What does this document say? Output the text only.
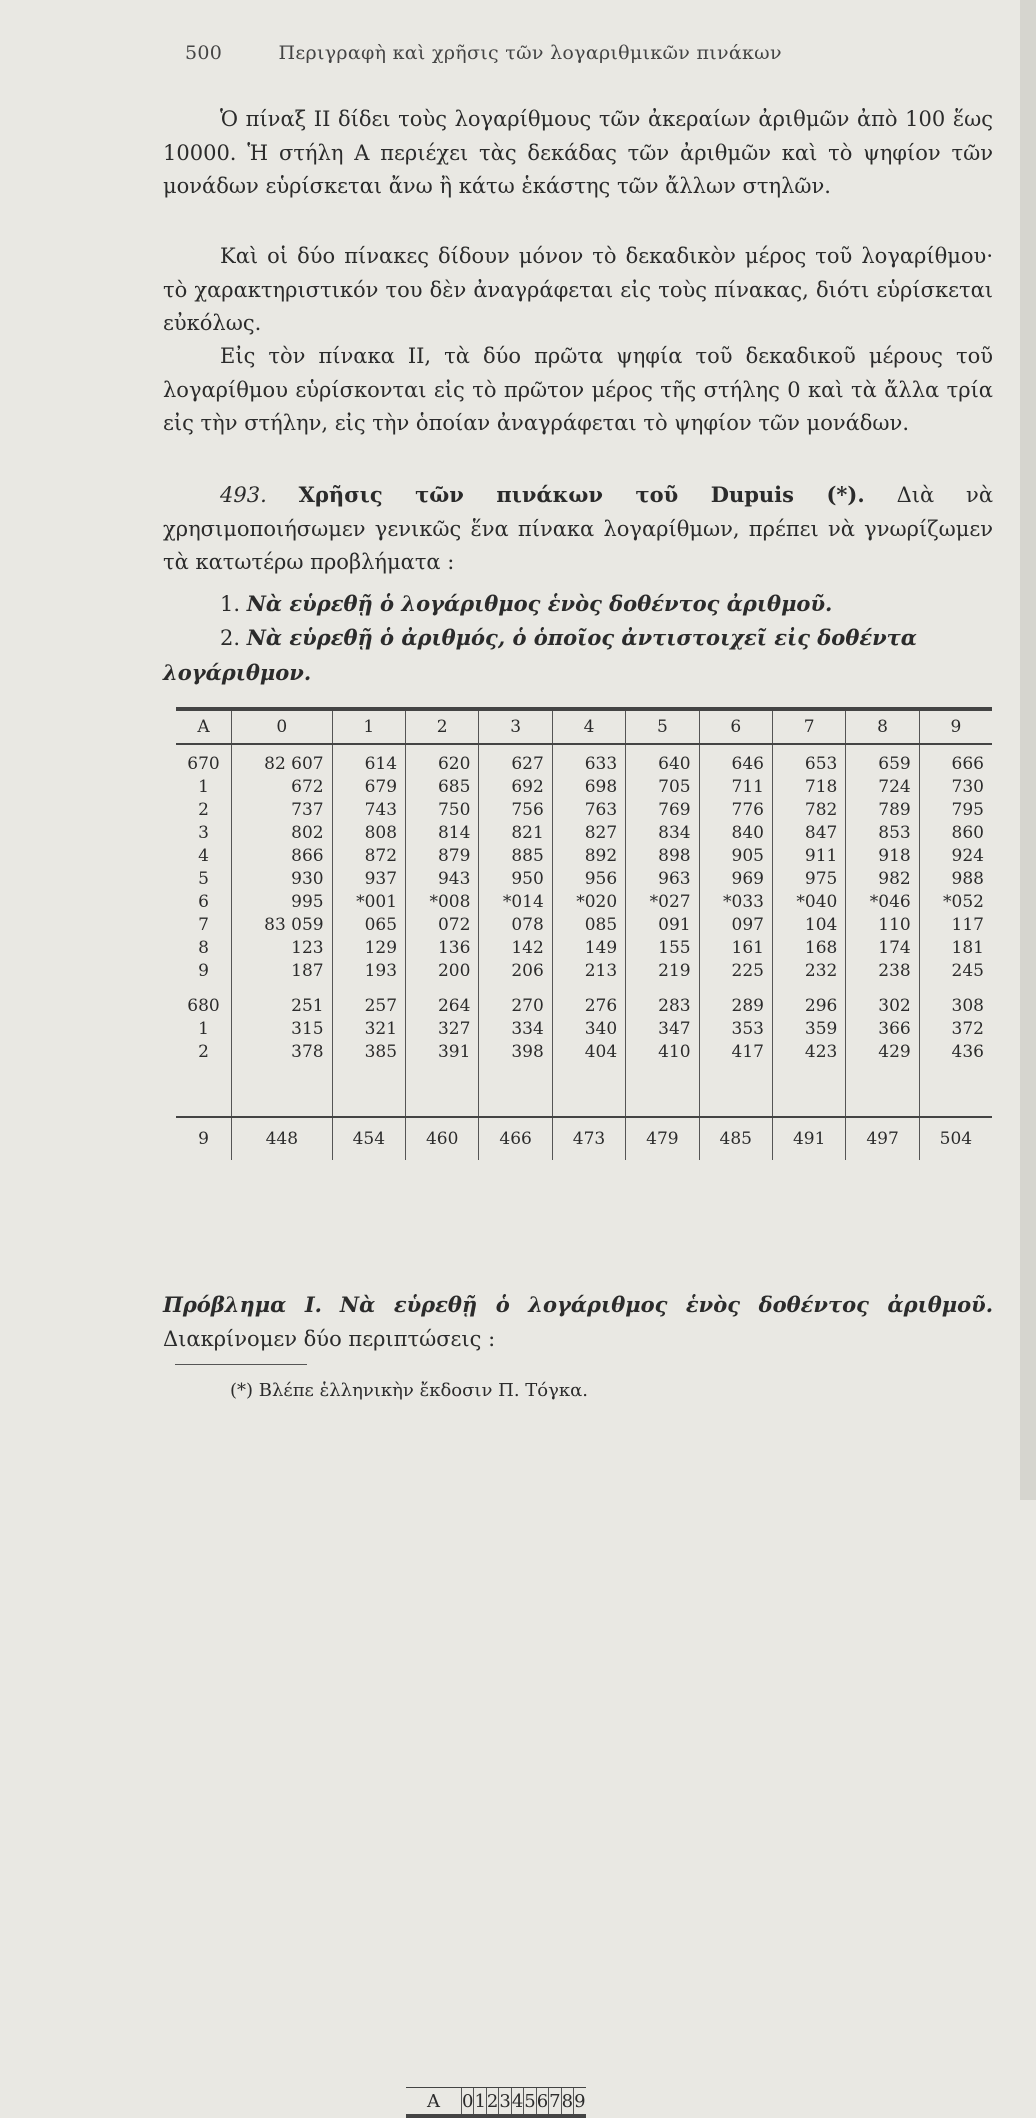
500	Περιγραφὴ καὶ χρῆσις τῶν λογαριθμικῶν πινάκων
Ὁ πίναξ ΙΙ δίδει τοὺς λογαρίθμους τῶν ἀκεραίων ἀριθμῶν ἀπὸ 100 ἕως 10000. Ἡ στήλη Α περιέχει τὰς δεκάδας τῶν ἀριθμῶν καὶ τὸ ψηφίον τῶν μονάδων εὑρίσκεται ἄνω ἢ κάτω ἑκάστης τῶν ἄλλων στηλῶν.
Καὶ οἱ δύο πίνακες δίδουν μόνον τὸ δεκαδικὸν μέρος τοῦ λογαρίθμου· τὸ χαρακτηριστικόν του δὲν ἀναγράφεται εἰς τοὺς πίνακας, διότι εὑρίσκεται εὐκόλως.
Εἰς τὸν πίνακα ΙΙ, τὰ δύο πρῶτα ψηφία τοῦ δεκαδικοῦ μέρους τοῦ λογαρίθμου εὑρίσκονται εἰς τὸ πρῶτον μέρος τῆς στήλης 0 καὶ τὰ ἄλλα τρία εἰς τὴν στήλην, εἰς τὴν ὁποίαν ἀναγράφεται τὸ ψηφίον τῶν μονάδων.
493. Χρῆσις τῶν πινάκων τοῦ Dupuis (*). Διὰ νὰ χρησιμοποιήσωμεν γενικῶς ἕνα πίνακα λογαρίθμων, πρέπει νὰ γνωρίζωμεν τὰ κατωτέρω προβλήματα :
1. Νὰ εὑρεθῇ ὁ λογάριθμος ἑνὸς δοθέντος ἀριθμοῦ.
2. Νὰ εὑρεθῇ ὁ ἀριθμός, ὁ ὁποῖος ἀντιστοιχεῖ εἰς δοθέντα λογάριθμον.
Α	0	1	2	3	4	5	6	7	8	9
670	82 607	614	620	627	633	640	646	653	659	666
1	672	679	685	692	698	705	711	718	724	730
2	737	743	750	756	763	769	776	782	789	795
3	802	808	814	821	827	834	840	847	853	860
4	866	872	879	885	892	898	905	911	918	924
5	930	937	943	950	956	963	969	975	982	988
6	995	*001	*008	*014	*020	*027	*033	*040	*046	*052
7	83 059	065	072	078	085	091	097	104	110	117
8	123	129	136	142	149	155	161	168	174	181
9	187	193	200	206	213	219	225	232	238	245

680	251	257	264	270	276	283	289	296	302	308
1	315	321	327	334	340	347	353	359	366	372
2	378	385	391	398	404	410	417	423	429	436

9	448	454	460	466	473	479	485	491	497	504

Α	0	1	2	3	4	5	6	7	8	9
Πρόβλημα Ι. Νὰ εὑρεθῇ ὁ λογάριθμος ἑνὸς δοθέντος ἀριθμοῦ. Διακρίνομεν δύο περιπτώσεις :
(*) Βλέπε ἑλληνικὴν ἔκδοσιν Π. Τόγκα.
